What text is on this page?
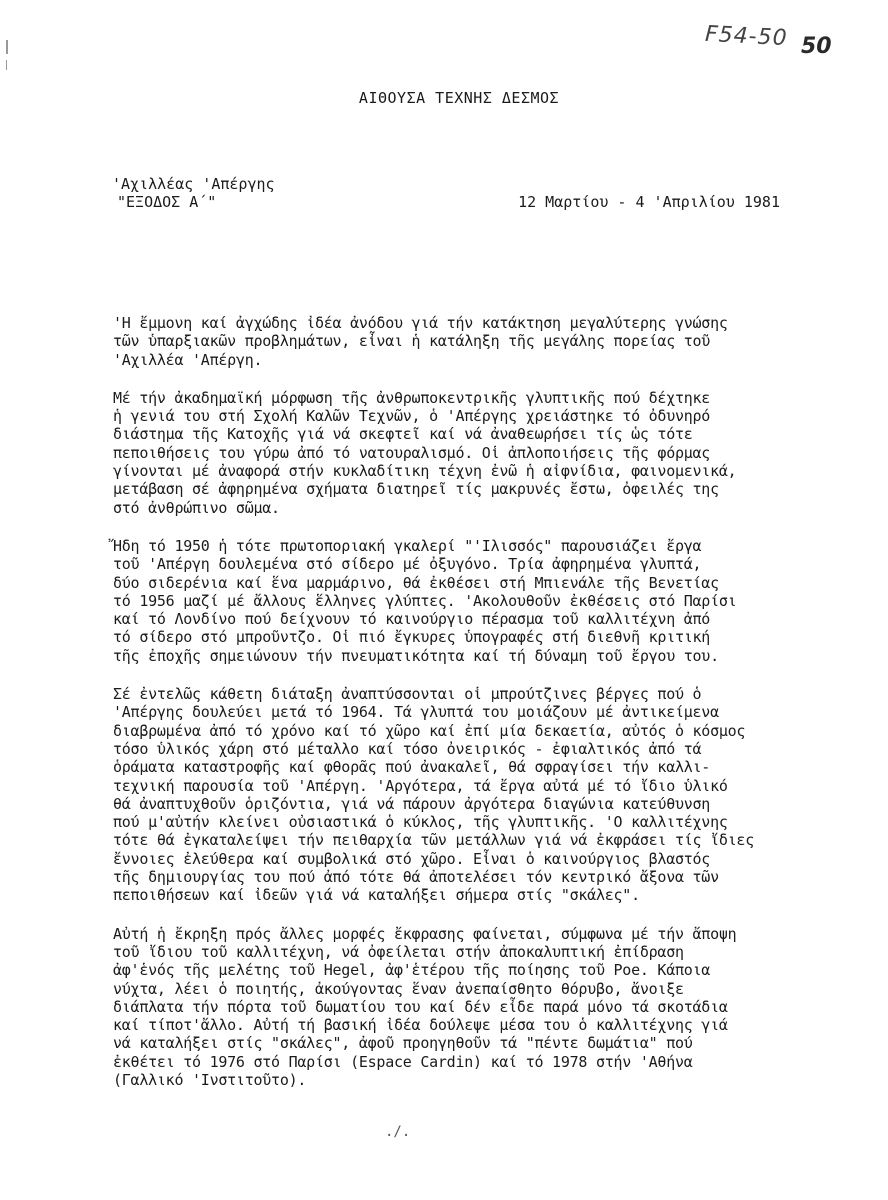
F54-50 50
ΑΙΘΟΥΣΑ ΤΕΧΝΗΣ ΔΕΣΜΟΣ
'Αχιλλέας 'Απέργης
"ΕΞΟΔΟΣ Α΄"	12 Μαρτίου - 4 'Απριλίου 1981
'Η ἔμμονη καί ἀγχώδης ἰδέα ἀνόδου γιά τήν κατάκτηση μεγαλύτερης γνώσης
τῶν ὑπαρξιακῶν προβλημάτων, εἶναι ἡ κατάληξη τῆς μεγάλης πορείας τοῦ
'Αχιλλέα 'Απέργη.
Μέ τήν ἀκαδημαϊκή μόρφωση τῆς ἀνθρωποκεντρικῆς γλυπτικῆς πού δέχτηκε
ἡ γενιά του στή Σχολή Καλῶν Τεχνῶν, ὁ 'Απέργης χρειάστηκε τό ὀδυνηρό
διάστημα τῆς Κατοχῆς γιά νά σκεφτεῖ καί νά ἀναθεωρήσει τίς ὡς τότε
πεποιθήσεις του γύρω ἀπό τό νατουραλισμό. Οἱ ἁπλοποιήσεις τῆς φόρμας
γίνονται μέ ἀναφορά στήν κυκλαδίτικη τέχνη ἐνῶ ἡ αἰφνίδια, φαινομενικά,
μετάβαση σέ ἀφηρημένα σχήματα διατηρεῖ τίς μακρυνές ἔστω, ὀφειλές της
στό ἀνθρώπινο σῶμα.
Ἤδη τό 1950 ἡ τότε πρωτοποριακή γκαλερί "'Ιλισσός" παρουσιάζει ἔργα
τοῦ 'Απέργη δουλεμένα στό σίδερο μέ ὀξυγόνο. Τρία ἀφηρημένα γλυπτά,
δύο σιδερένια καί ἕνα μαρμάρινο, θά ἐκθέσει στή Μπιενάλε τῆς Βενετίας
τό 1956 μαζί μέ ἄλλους ἕλληνες γλύπτες. 'Ακολουθοῦν ἐκθέσεις στό Παρίσι
καί τό Λονδίνο πού δείχνουν τό καινούργιο πέρασμα τοῦ καλλιτέχνη ἀπό
τό σίδερο στό μπροῦντζο. Οἱ πιό ἔγκυρες ὑπογραφές στή διεθνῆ κριτική
τῆς ἐποχῆς σημειώνουν τήν πνευματικότητα καί τή δύναμη τοῦ ἔργου του.
Σέ ἐντελῶς κάθετη διάταξη ἀναπτύσσονται οἱ μπρούτζινες βέργες πού ὁ
'Απέργης δουλεύει μετά τό 1964. Τά γλυπτά του μοιάζουν μέ ἀντικείμενα
διαβρωμένα ἀπό τό χρόνο καί τό χῶρο καί ἐπί μία δεκαετία, αὐτός ὁ κόσμος
τόσο ὑλικός χάρη στό μέταλλο καί τόσο ὀνειρικός - ἐφιαλτικός ἀπό τά
ὁράματα καταστροφῆς καί φθορᾶς πού ἀνακαλεῖ, θά σφραγίσει τήν καλλι-
τεχνική παρουσία τοῦ 'Απέργη. 'Αργότερα, τά ἔργα αὐτά μέ τό ἴδιο ὑλικό
θά ἀναπτυχθοῦν ὁριζόντια, γιά νά πάρουν ἀργότερα διαγώνια κατεύθυνση
πού μ'αὐτήν κλείνει οὐσιαστικά ὁ κύκλος, τῆς γλυπτικῆς. 'Ο καλλιτέχνης
τότε θά ἐγκαταλείψει τήν πειθαρχία τῶν μετάλλων γιά νά ἐκφράσει τίς ἴδιες
ἔννοιες ἐλεύθερα καί συμβολικά στό χῶρο. Εἶναι ὁ καινούργιος βλαστός
τῆς δημιουργίας του πού ἀπό τότε θά ἀποτελέσει τόν κεντρικό ἄξονα τῶν
πεποιθήσεων καί ἰδεῶν γιά νά καταλήξει σήμερα στίς "σκάλες".
Αὐτή ἡ ἔκρηξη πρός ἄλλες μορφές ἔκφρασης φαίνεται, σύμφωνα μέ τήν ἄποψη
τοῦ ἴδιου τοῦ καλλιτέχνη, νά ὀφείλεται στήν ἀποκαλυπτική ἐπίδραση
ἀφ'ἑνός τῆς μελέτης τοῦ Hegel, ἀφ'ἑτέρου τῆς ποίησης τοῦ Poe. Κάποια
νύχτα, λέει ὁ ποιητής, ἀκούγοντας ἕναν ἀνεπαίσθητο θόρυβο, ἄνοιξε
διάπλατα τήν πόρτα τοῦ δωματίου του καί δέν εἶδε παρά μόνο τά σκοτάδια
καί τίποτ'ἄλλο. Αὐτή τή βασική ἰδέα δούλεψε μέσα του ὁ καλλιτέχνης γιά
νά καταλήξει στίς "σκάλες", ἀφοῦ προηγηθοῦν τά "πέντε δωμάτια" πού
ἐκθέτει τό 1976 στό Παρίσι (Espace Cardin) καί τό 1978 στήν 'Αθήνα
(Γαλλικό 'Ινστιτοῦτο).
./.
